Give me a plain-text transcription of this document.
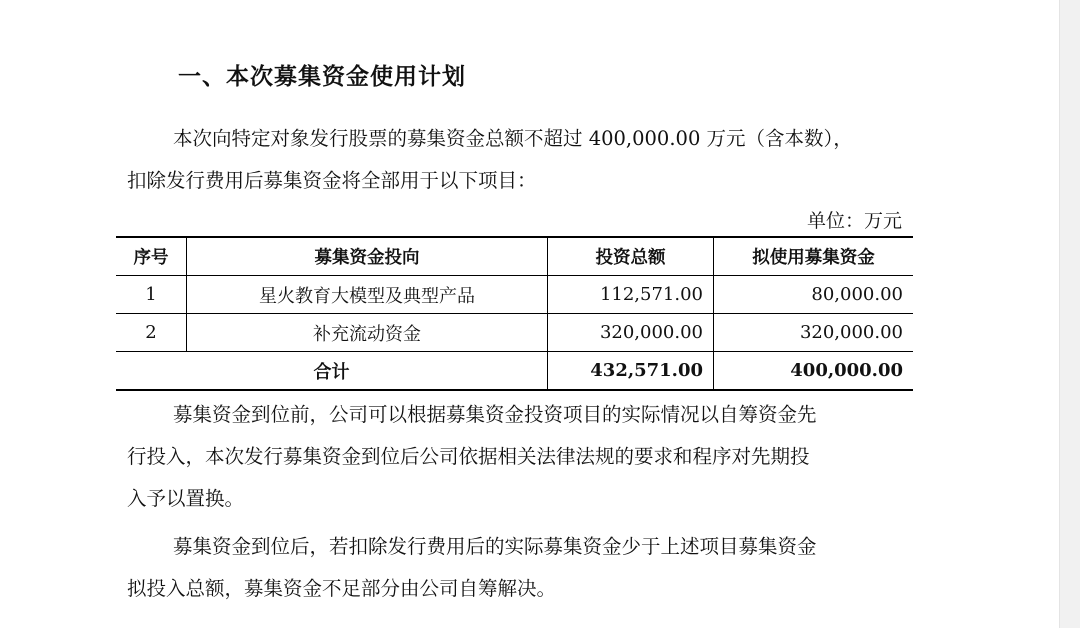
一、本次募集资金使用计划
本次向特定对象发行股票的募集资金总额不超过 400,000.00 万元（含本数），
扣除发行费用后募集资金将全部用于以下项目：
单位：万元
序号	募集资金投向	投资总额	拟使用募集资金
1	星火教育大模型及典型产品	112,571.00	80,000.00
2	补充流动资金	320,000.00	320,000.00
合计		432,571.00	400,000.00
募集资金到位前，公司可以根据募集资金投资项目的实际情况以自筹资金先
行投入，本次发行募集资金到位后公司依据相关法律法规的要求和程序对先期投
入予以置换。
募集资金到位后，若扣除发行费用后的实际募集资金少于上述项目募集资金
拟投入总额，募集资金不足部分由公司自筹解决。
